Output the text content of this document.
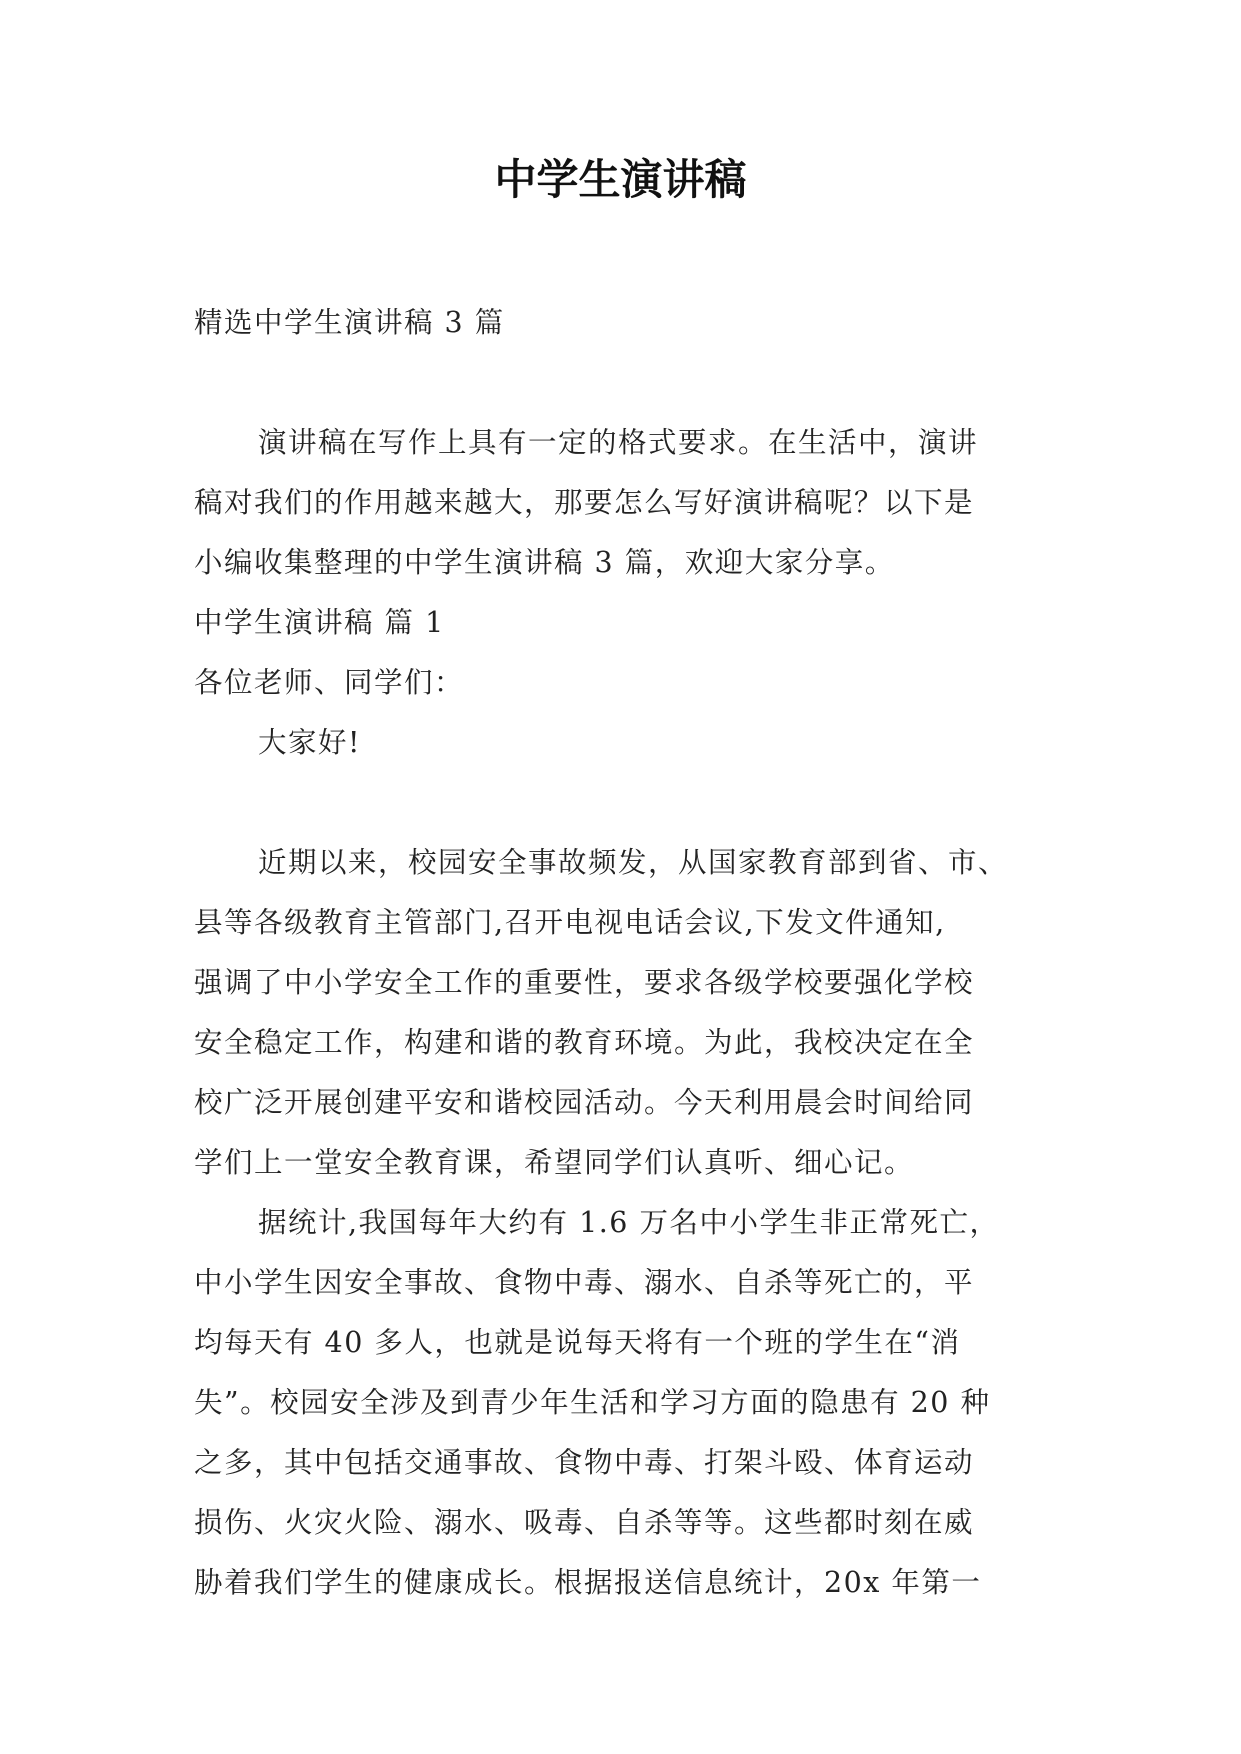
中学生演讲稿
精选中学生演讲稿 3 篇
演讲稿在写作上具有一定的格式要求。在生活中，演讲
稿对我们的作用越来越大，那要怎么写好演讲稿呢？以下是
小编收集整理的中学生演讲稿 3 篇，欢迎大家分享。
中学生演讲稿 篇 1
各位老师、同学们：
大家好!
近期以来，校园安全事故频发，从国家教育部到省、市、
县等各级教育主管部门,召开电视电话会议,下发文件通知,
强调了中小学安全工作的重要性，要求各级学校要强化学校
安全稳定工作，构建和谐的教育环境。为此，我校决定在全
校广泛开展创建平安和谐校园活动。今天利用晨会时间给同
学们上一堂安全教育课，希望同学们认真听、细心记。
据统计,我国每年大约有 1.6 万名中小学生非正常死亡，
中小学生因安全事故、食物中毒、溺水、自杀等死亡的，平
均每天有 40 多人，也就是说每天将有一个班的学生在“消
失”。校园安全涉及到青少年生活和学习方面的隐患有 20 种
之多，其中包括交通事故、食物中毒、打架斗殴、体育运动
损伤、火灾火险、溺水、吸毒、自杀等等。这些都时刻在威
胁着我们学生的健康成长。根据报送信息统计，20x 年第一
